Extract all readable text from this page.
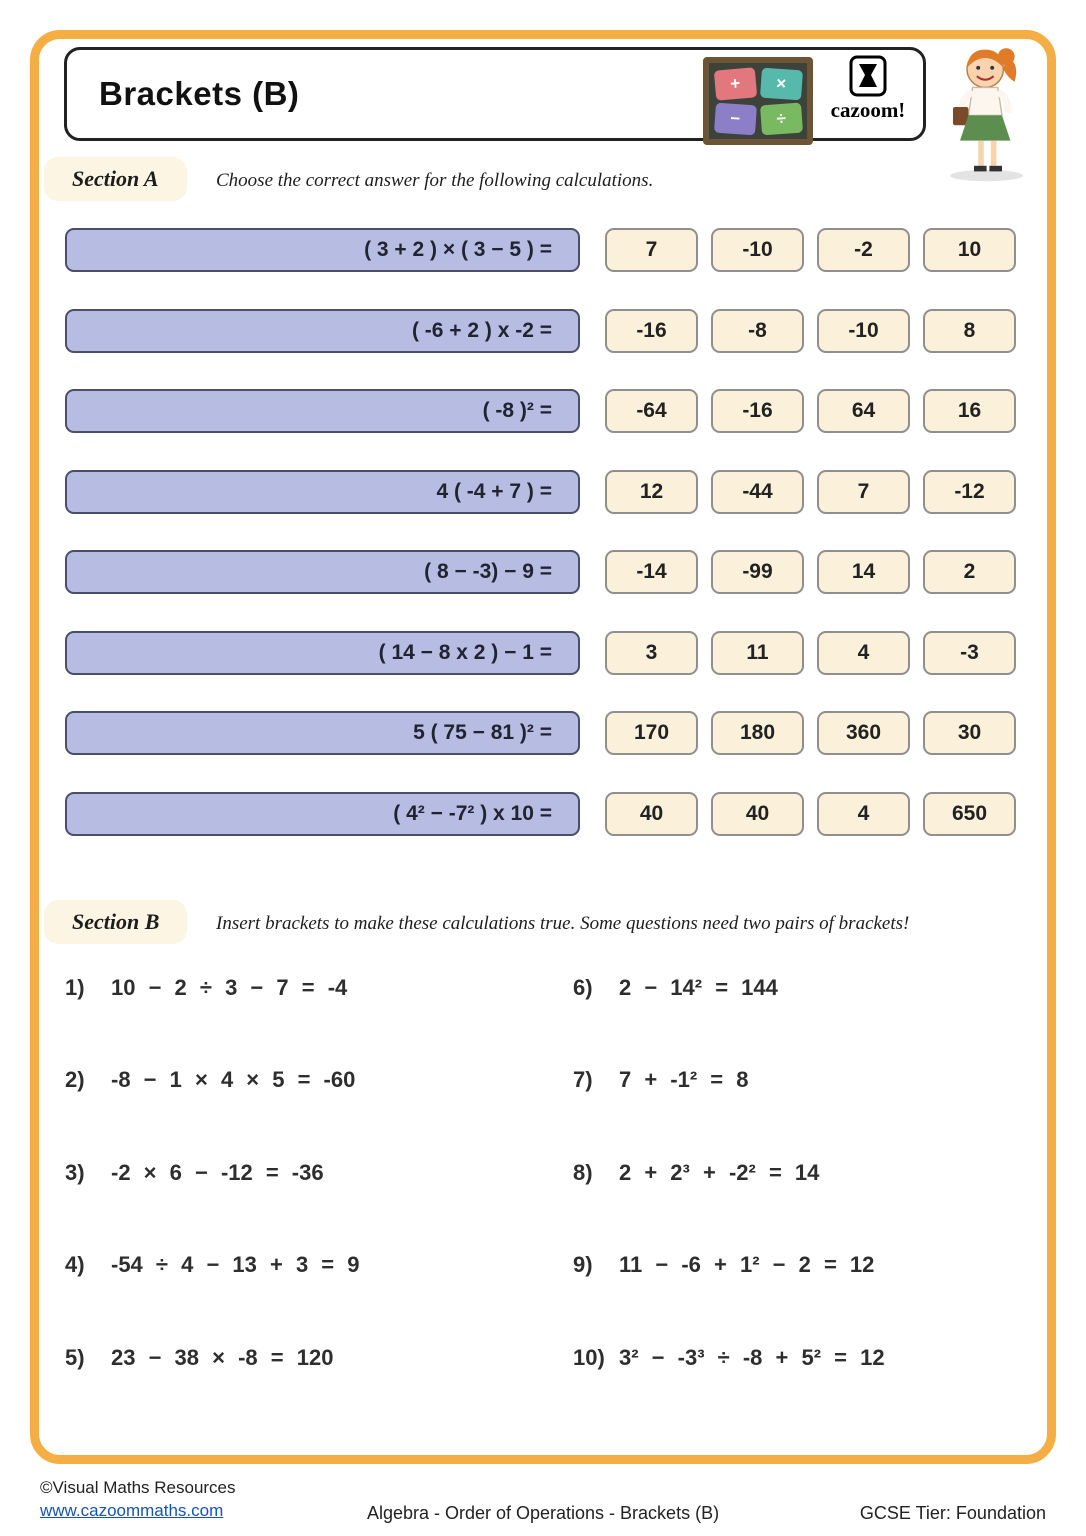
Brackets (B)	+	×
−	÷	cazoom!
Section A	Choose the correct answer for the following calculations.
( 3 + 2 ) × ( 3 − 5 ) =	7	-10	-2	10
( -6 + 2 ) x -2 =	-16	-8	-10	8
( -8 )² =	-64	-16	64	16
4 ( -4 + 7 ) =	12	-44	7	-12
( 8 − -3) − 9 =	-14	-99	14	2
( 14 − 8 x 2 ) − 1 =	3	11	4	-3
5 ( 75 − 81 )² =	170	180	360	30
( 4² − -7² ) x 10 =	40	40	4	650
Section B	Insert brackets to make these calculations true. Some questions need two pairs of brackets!
1)	10 − 2 ÷ 3 − 7 = -4
2)	-8 − 1 × 4 × 5 = -60
3)	-2 × 6 − -12 = -36
4)	-54 ÷ 4 − 13 + 3 = 9
5)	23 − 38 × -8 = 120
6)	2 − 14² = 144
7)	7 + -1² = 8
8)	2 + 2³ + -2² = 14
9)	11 − -6 + 1² − 2 = 12
10) 3² − -3³ ÷ -8 + 5² = 12
©Visual Maths Resources
www.cazoommaths.com	Algebra - Order of Operations - Brackets (B)	GCSE Tier: Foundation
